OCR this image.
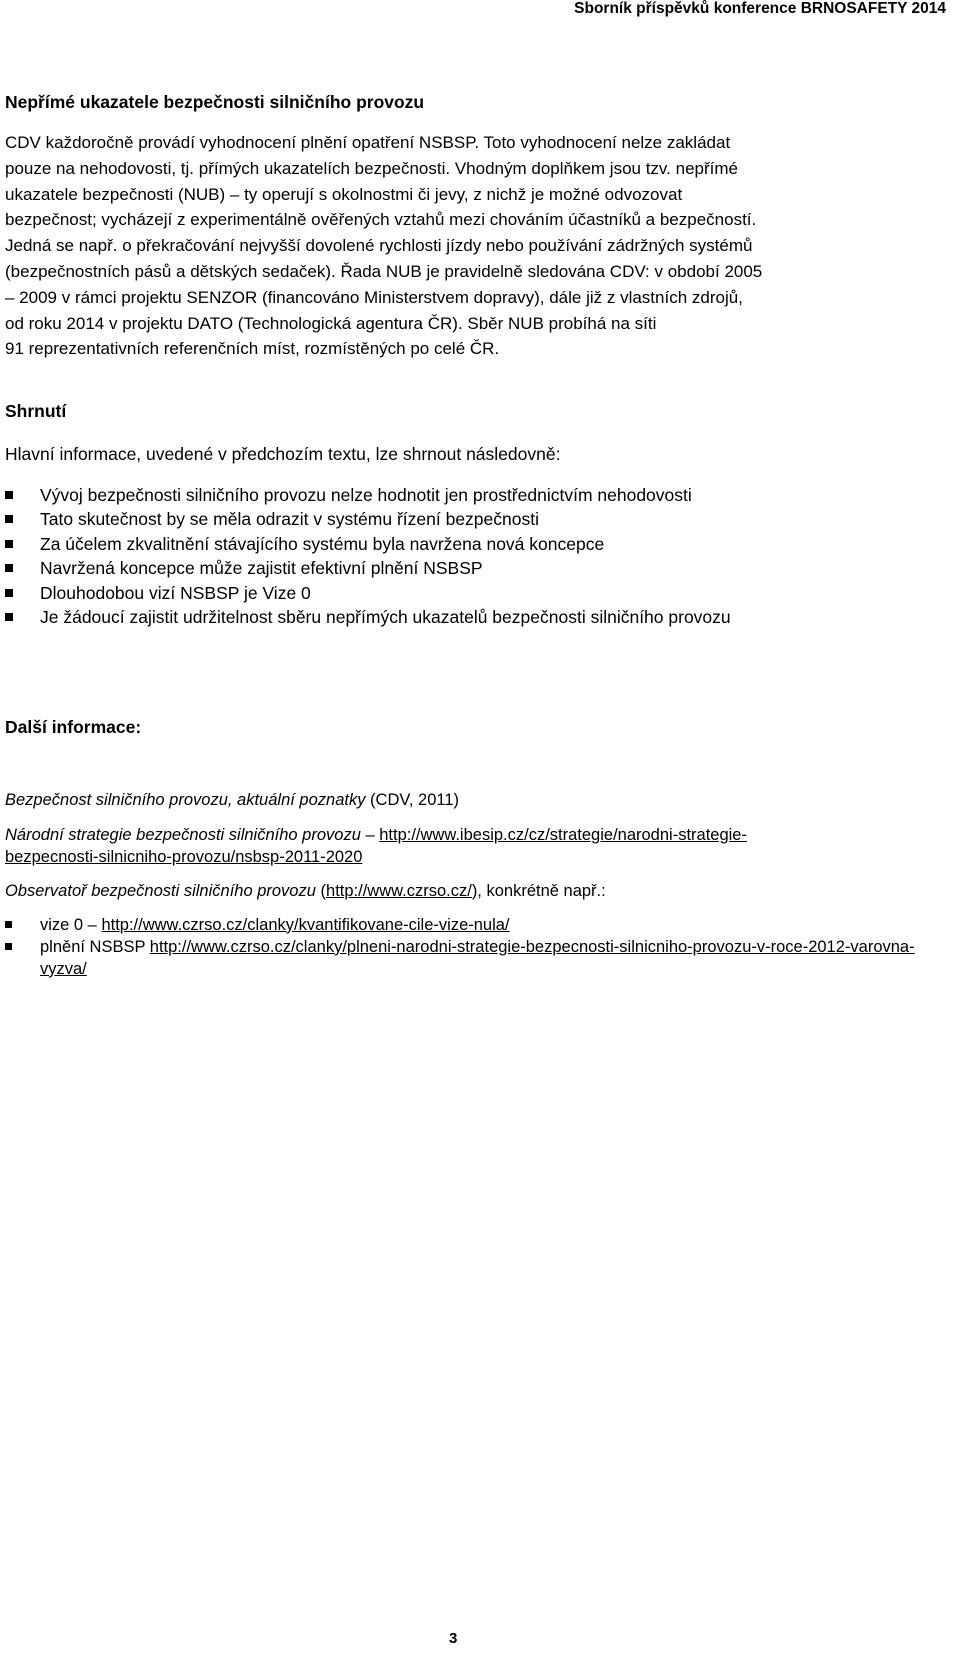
Sborník příspěvků konference BRNOSAFETY 2014
Nepřímé ukazatele bezpečnosti silničního provozu
CDV každoročně provádí vyhodnocení plnění opatření NSBSP. Toto vyhodnocení nelze zakládat
pouze na nehodovosti, tj. přímých ukazatelích bezpečnosti. Vhodným doplňkem jsou tzv. nepřímé
ukazatele bezpečnosti (NUB) – ty operují s okolnostmi či jevy, z nichž je možné odvozovat
bezpečnost; vycházejí z experimentálně ověřených vztahů mezi chováním účastníků a bezpečností.
Jedná se např. o překračování nejvyšší dovolené rychlosti jízdy nebo používání zádržných systémů
(bezpečnostních pásů a dětských sedaček). Řada NUB je pravidelně sledována CDV: v období 2005
– 2009 v rámci projektu SENZOR (financováno Ministerstvem dopravy), dále již z vlastních zdrojů,
od roku 2014 v projektu DATO (Technologická agentura ČR). Sběr NUB probíhá na síti
91 reprezentativních referenčních míst, rozmístěných po celé ČR.
Shrnutí

Hlavní informace, uvedené v předchozím textu, lze shrnout následovně:

Vývoj bezpečnosti silničního provozu nelze hodnotit jen prostřednictvím nehodovosti
Tato skutečnost by se měla odrazit v systému řízení bezpečnosti
Za účelem zkvalitnění stávajícího systému byla navržena nová koncepce
Navržená koncepce může zajistit efektivní plnění NSBSP
Dlouhodobou vizí NSBSP je Vize 0
Je žádoucí zajistit udržitelnost sběru nepřímých ukazatelů bezpečnosti silničního provozu
Další informace:

Bezpečnost silničního provozu, aktuální poznatky (CDV, 2011)

Národní strategie bezpečnosti silničního provozu – http://www.ibesip.cz/cz/strategie/narodni-strategie-
bezpecnosti-silnicniho-provozu/nsbsp-2011-2020

Observatoř bezpečnosti silničního provozu (http://www.czrso.cz/), konkrétně např.:

vize 0 – http://www.czrso.cz/clanky/kvantifikovane-cile-vize-nula/
plnění NSBSP http://www.czrso.cz/clanky/plneni-narodni-strategie-bezpecnosti-silnicniho-provozu-v-roce-2012-varovna-vyzva/
3
